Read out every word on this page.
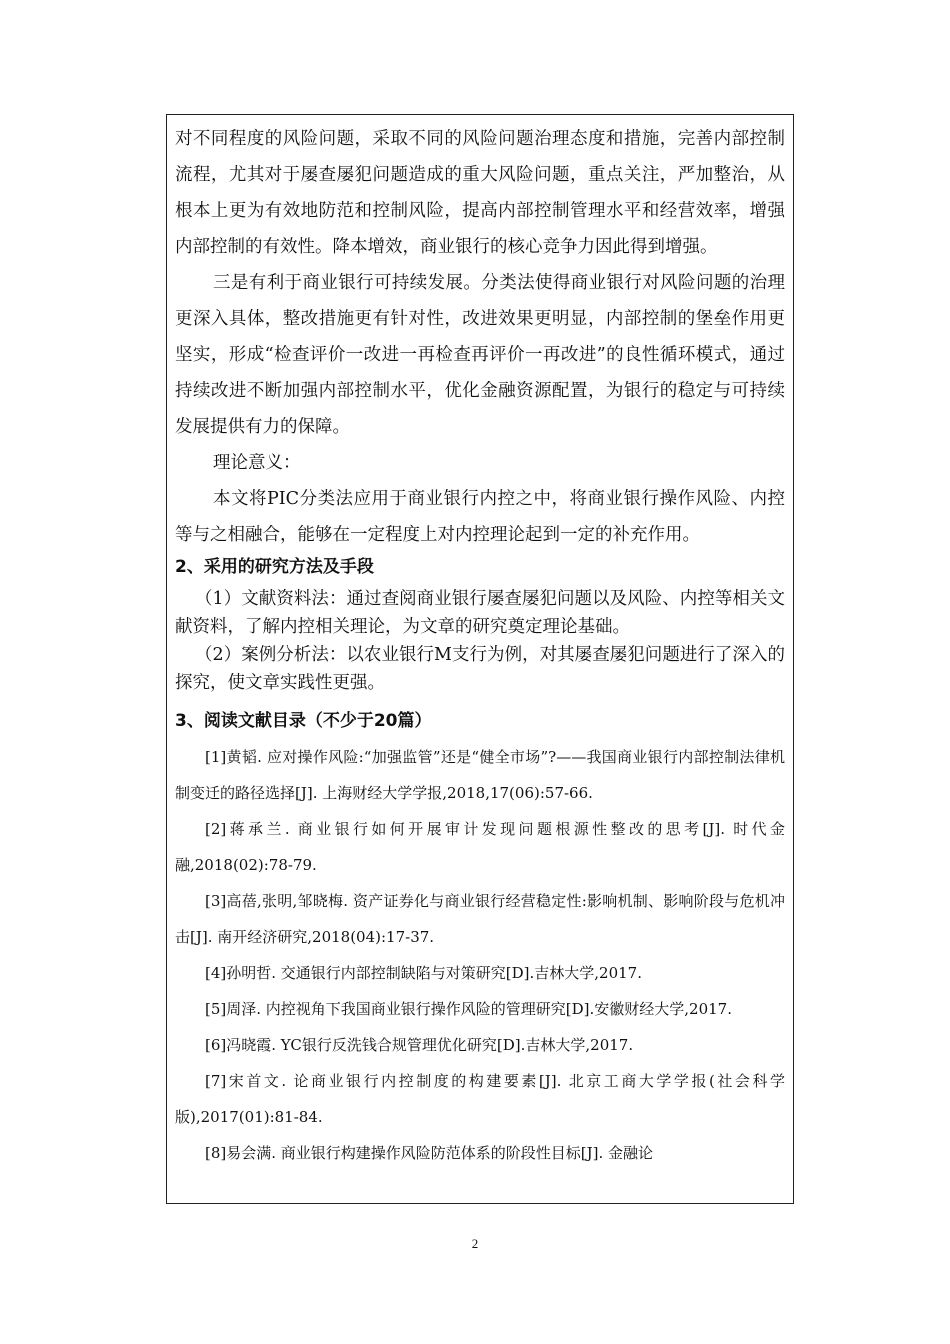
对不同程度的风险问题，采取不同的风险问题治理态度和措施，完善内部控制流程，尤其对于屡查屡犯问题造成的重大风险问题，重点关注，严加整治，从根本上更为有效地防范和控制风险，提高内部控制管理水平和经营效率，增强内部控制的有效性。降本增效，商业银行的核心竞争力因此得到增强。

三是有利于商业银行可持续发展。分类法使得商业银行对风险问题的治理更深入具体，整改措施更有针对性，改进效果更明显，内部控制的堡垒作用更坚实，形成“检查评价一改进一再检查再评价一再改进”的良性循环模式，通过持续改进不断加强内部控制水平，优化金融资源配置，为银行的稳定与可持续发展提供有力的保障。

理论意义：

本文将PIC分类法应用于商业银行内控之中，将商业银行操作风险、内控等与之相融合，能够在一定程度上对内控理论起到一定的补充作用。

2、采用的研究方法及手段

（1）文献资料法：通过查阅商业银行屡查屡犯问题以及风险、内控等相关文献资料，了解内控相关理论，为文章的研究奠定理论基础。

（2）案例分析法：以农业银行M支行为例，对其屡查屡犯问题进行了深入的探究，使文章实践性更强。

3、阅读文献目录（不少于20篇）

[1]黄韬. 应对操作风险:“加强监管”还是“健全市场”?——我国商业银行内部控制法律机制变迁的路径选择[J]. 上海财经大学学报,2018,17(06):57-66.

[2]蒋承兰. 商业银行如何开展审计发现问题根源性整改的思考[J]. 时代金融,2018(02):78-79.

[3]高蓓,张明,邹晓梅. 资产证券化与商业银行经营稳定性:影响机制、影响阶段与危机冲击[J]. 南开经济研究,2018(04):17-37.

[4]孙明哲. 交通银行内部控制缺陷与对策研究[D].吉林大学,2017.

[5]周泽. 内控视角下我国商业银行操作风险的管理研究[D].安徽财经大学,2017.

[6]冯晓霞. YC银行反洗钱合规管理优化研究[D].吉林大学,2017.

[7]宋首文. 论商业银行内控制度的构建要素[J]. 北京工商大学学报(社会科学版),2017(01):81-84.

[8]易会满. 商业银行构建操作风险防范体系的阶段性目标[J]. 金融论

2
